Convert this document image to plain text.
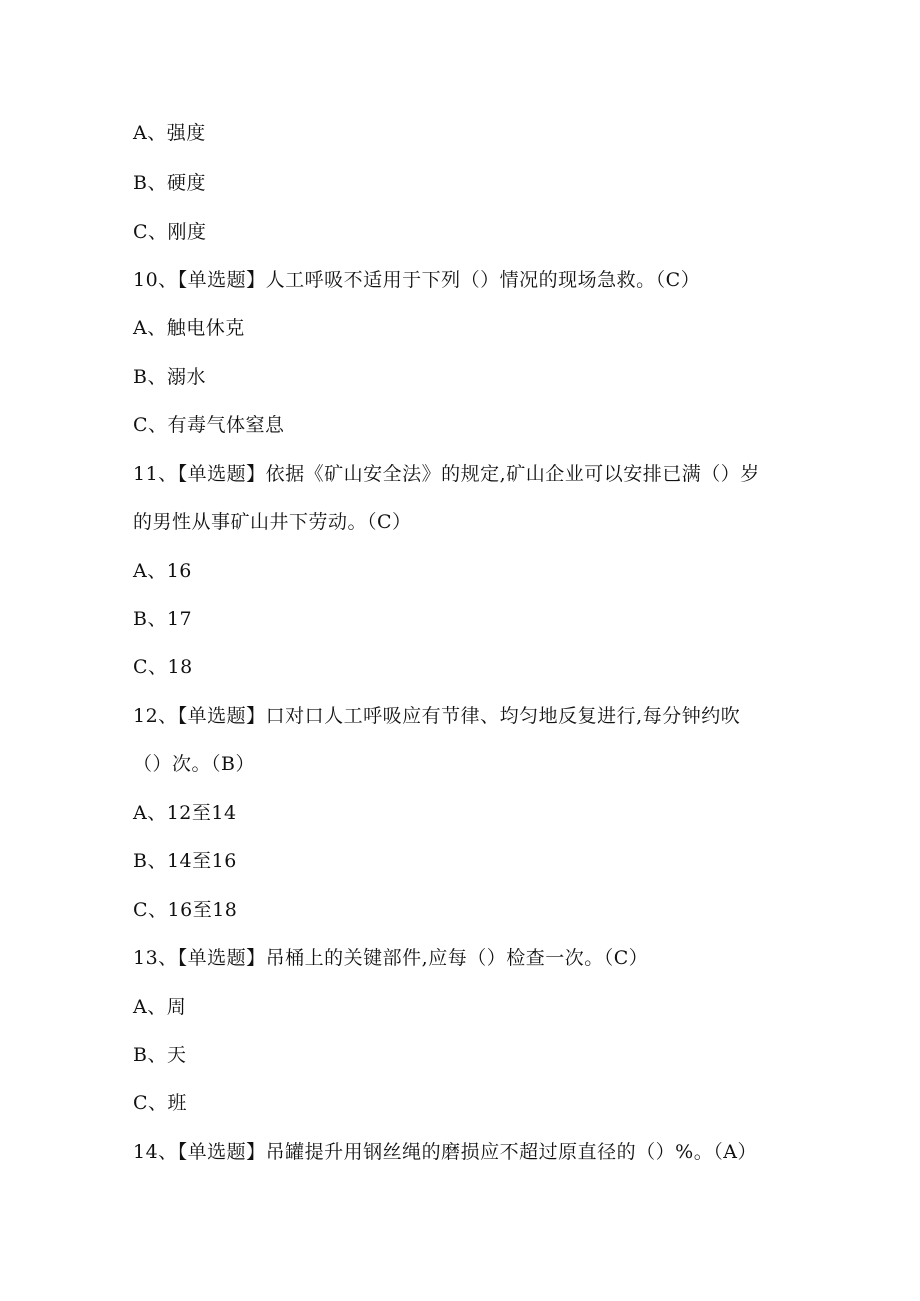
A、强度
B、硬度
C、刚度
10、【单选题】人工呼吸不适用于下列（）情况的现场急救。（C）
A、触电休克
B、溺水
C、有毒气体窒息
11、【单选题】依据《矿山安全法》的规定,矿山企业可以安排已满（）岁
的男性从事矿山井下劳动。（C）
A、16
B、17
C、18
12、【单选题】口对口人工呼吸应有节律、均匀地反复进行,每分钟约吹
（）次。（B）
A、12至14
B、14至16
C、16至18
13、【单选题】吊桶上的关键部件,应每（）检查一次。（C）
A、周
B、天
C、班
14、【单选题】吊罐提升用钢丝绳的磨损应不超过原直径的（）%。（A）
